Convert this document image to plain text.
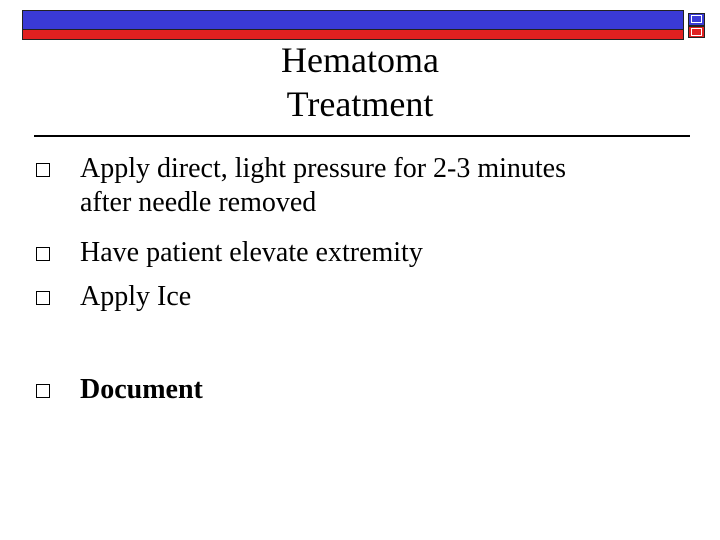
Hematoma
Treatment
Apply direct, light pressure for 2-3 minutes
after needle removed
Have patient elevate extremity
Apply Ice
Document
